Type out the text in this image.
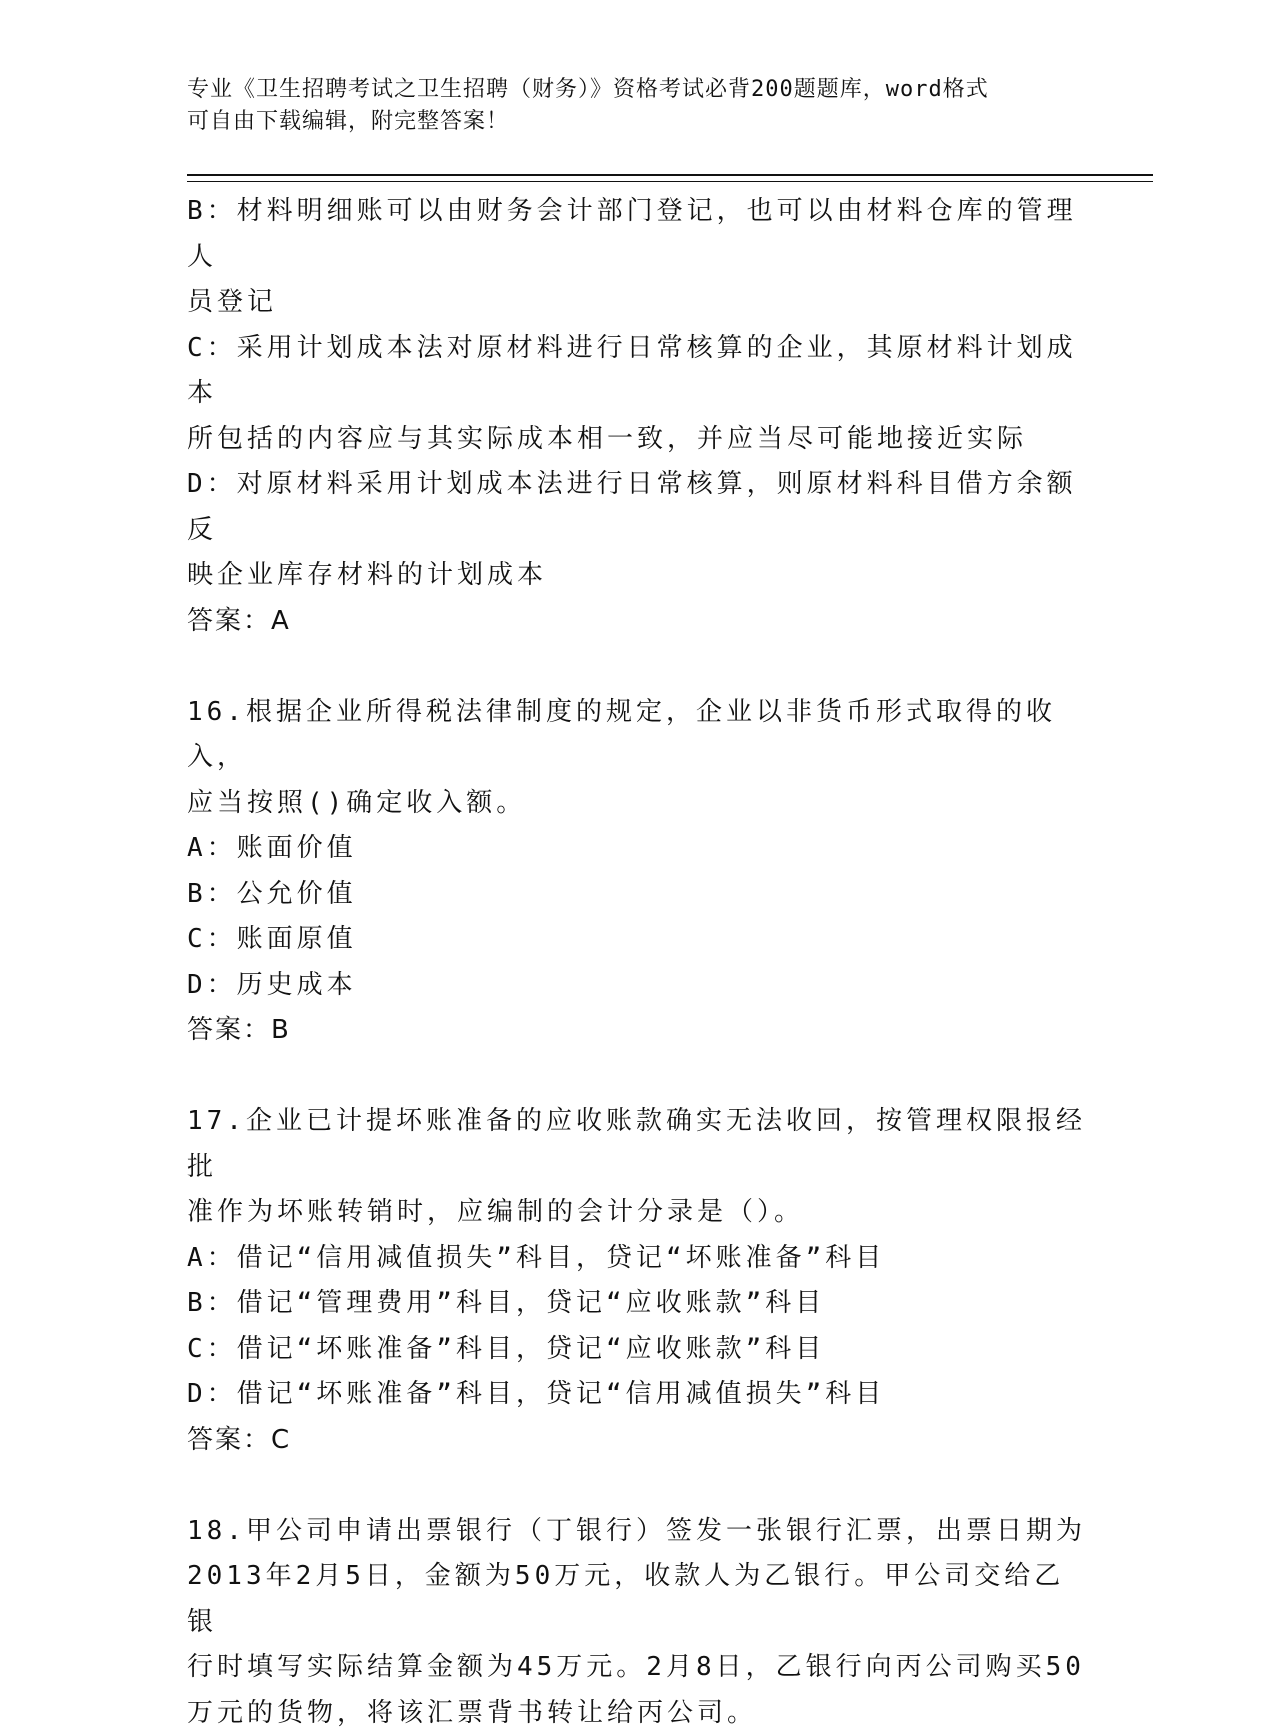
专业《卫生招聘考试之卫生招聘（财务）》资格考试必背200题题库，word格式
可自由下载编辑，附完整答案！

B：材料明细账可以由财务会计部门登记，也可以由材料仓库的管理人

员登记

C：采用计划成本法对原材料进行日常核算的企业，其原材料计划成本

所包括的内容应与其实际成本相一致，并应当尽可能地接近实际

D：对原材料采用计划成本法进行日常核算，则原材料科目借方余额反

映企业库存材料的计划成本

答案：A

16.根据企业所得税法律制度的规定，企业以非货币形式取得的收入，

应当按照()确定收入额。

A：账面价值

B：公允价值

C：账面原值

D：历史成本

答案：B

17.企业已计提坏账准备的应收账款确实无法收回，按管理权限报经批

准作为坏账转销时，应编制的会计分录是（）。

A：借记“信用减值损失”科目，贷记“坏账准备”科目

B：借记“管理费用”科目，贷记“应收账款”科目

C：借记“坏账准备”科目，贷记“应收账款”科目

D：借记“坏账准备”科目，贷记“信用减值损失”科目

答案：C

18.甲公司申请出票银行（丁银行）签发一张银行汇票，出票日期为

2013年2月5日，金额为50万元，收款人为乙银行。甲公司交给乙银

行时填写实际结算金额为45万元。2月8日，乙银行向丙公司购买50

万元的货物，将该汇票背书转让给丙公司。
